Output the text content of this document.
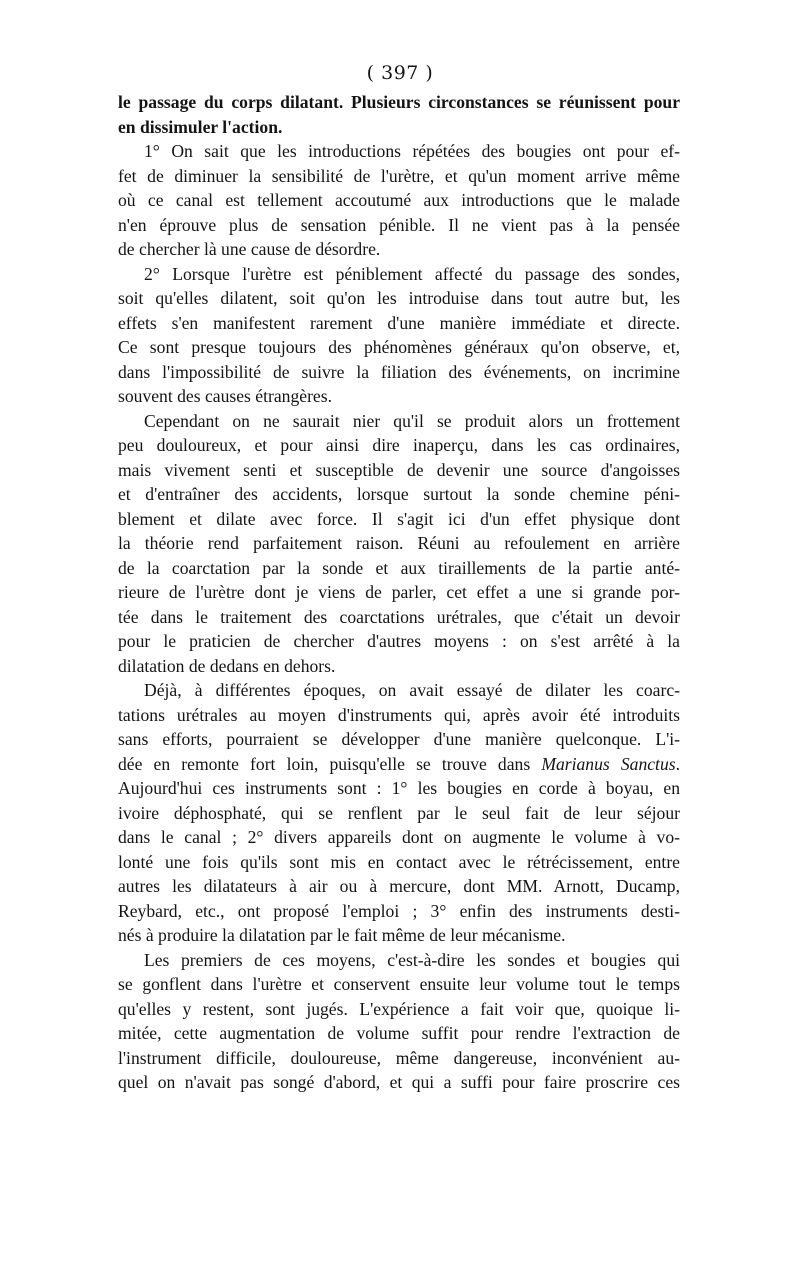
( 397 )
le passage du corps dilatant. Plusieurs circonstances se réunissent pour
en dissimuler l'action.
1° On sait que les introductions répétées des bougies ont pour ef-
fet de diminuer la sensibilité de l'urètre, et qu'un moment arrive même
où ce canal est tellement accoutumé aux introductions que le malade
n'en éprouve plus de sensation pénible. Il ne vient pas à la pensée
de chercher là une cause de désordre.
2° Lorsque l'urètre est péniblement affecté du passage des sondes,
soit qu'elles dilatent, soit qu'on les introduise dans tout autre but, les
effets s'en manifestent rarement d'une manière immédiate et directe.
Ce sont presque toujours des phénomènes généraux qu'on observe, et,
dans l'impossibilité de suivre la filiation des événements, on incrimine
souvent des causes étrangères.
Cependant on ne saurait nier qu'il se produit alors un frottement
peu douloureux, et pour ainsi dire inaperçu, dans les cas ordinaires,
mais vivement senti et susceptible de devenir une source d'angoisses
et d'entraîner des accidents, lorsque surtout la sonde chemine péni-
blement et dilate avec force. Il s'agit ici d'un effet physique dont
la théorie rend parfaitement raison. Réuni au refoulement en arrière
de la coarctation par la sonde et aux tiraillements de la partie anté-
rieure de l'urètre dont je viens de parler, cet effet a une si grande por-
tée dans le traitement des coarctations urétrales, que c'était un devoir
pour le praticien de chercher d'autres moyens : on s'est arrêté à la
dilatation de dedans en dehors.
Déjà, à différentes époques, on avait essayé de dilater les coarc-
tations urétrales au moyen d'instruments qui, après avoir été introduits
sans efforts, pourraient se développer d'une manière quelconque. L'i-
dée en remonte fort loin, puisqu'elle se trouve dans Marianus Sanctus.
Aujourd'hui ces instruments sont : 1° les bougies en corde à boyau, en
ivoire déphosphaté, qui se renflent par le seul fait de leur séjour
dans le canal ; 2° divers appareils dont on augmente le volume à vo-
lonté une fois qu'ils sont mis en contact avec le rétrécissement, entre
autres les dilatateurs à air ou à mercure, dont MM. Arnott, Ducamp,
Reybard, etc., ont proposé l'emploi ; 3° enfin des instruments desti-
nés à produire la dilatation par le fait même de leur mécanisme.
Les premiers de ces moyens, c'est-à-dire les sondes et bougies qui
se gonflent dans l'urètre et conservent ensuite leur volume tout le temps
qu'elles y restent, sont jugés. L'expérience a fait voir que, quoique li-
mitée, cette augmentation de volume suffit pour rendre l'extraction de
l'instrument difficile, douloureuse, même dangereuse, inconvénient au-
quel on n'avait pas songé d'abord, et qui a suffi pour faire proscrire ces
